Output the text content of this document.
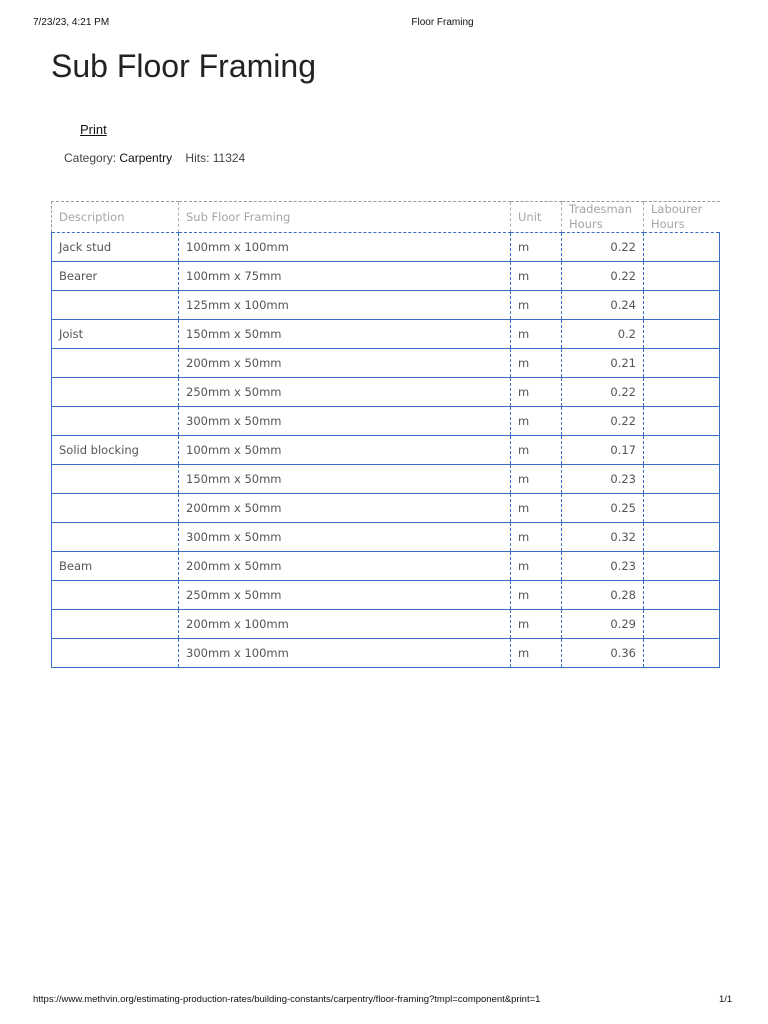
7/23/23, 4:21 PM	Floor Framing
Sub Floor Framing
Print
Category: Carpentry Hits: 11324
Description	Sub Floor Framing	Unit	Tradesman Hours	Labourer Hours
Jack stud	100mm x 100mm	m	0.22	
Bearer	100mm x 75mm	m	0.22	
	125mm x 100mm	m	0.24	
Joist	150mm x 50mm	m	0.2	
	200mm x 50mm	m	0.21	
	250mm x 50mm	m	0.22	
	300mm x 50mm	m	0.22	
Solid blocking	100mm x 50mm	m	0.17	
	150mm x 50mm	m	0.23	
	200mm x 50mm	m	0.25	
	300mm x 50mm	m	0.32	
Beam	200mm x 50mm	m	0.23	
	250mm x 50mm	m	0.28	
	200mm x 100mm	m	0.29	
	300mm x 100mm	m	0.36	
https://www.methvin.org/estimating-production-rates/building-constants/carpentry/floor-framing?tmpl=component&print=1	1/1
